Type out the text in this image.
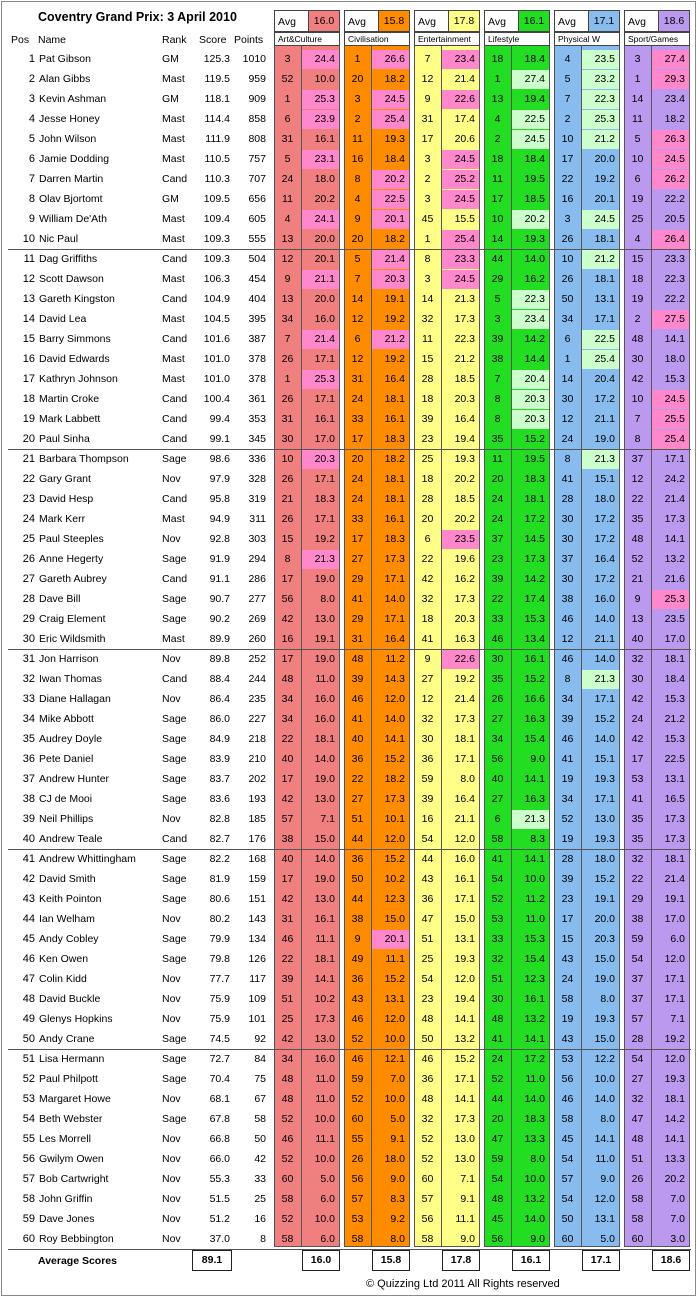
Coventry Grand Prix: 3 April 2010
Pos Name	Rank Score Points
1 Pat Gibson	GM	125.3	1010	3	24.4	1	26.6	7	23.4	18	18.4	4	23.5	3	27.4
2 Alan Gibbs	Mast	119.5	959	52	10.0	20	18.2	12	21.4	1	27.4	5	23.2	1	29.3
3 Kevin Ashman	GM	118.1	909	1	25.3	3	24.5	9	22.6	13	19.4	7	22.3	14	23.4
4 Jesse Honey	Mast	114.4	858	6	23.9	2	25.4	31	17.4	4	22.5	2	25.3	11	18.2
5 John Wilson	Mast	111.9	808	31	16.1	11	19.3	17	20.6	2	24.5	10	21.2	5	26.3
6 Jamie Dodding	Mast	110.5	757	5	23.1	16	18.4	3	24.5	18	18.4	17	20.0	10	24.5
7 Darren Martin	Cand	110.3	707	24	18.0	8	20.2	2	25.2	11	19.5	22	19.2	6	26.2
8 Olav Bjortomt	GM	109.5	656	11	20.2	4	22.5	3	24.5	17	18.5	16	20.1	19	22.2
9 William De'Ath	Mast	109.4	605	4	24.1	9	20.1	45	15.5	10	20.2	3	24.5	25	20.5
10 Nic Paul	Mast	109.3	555	13	20.0	20	18.2	1	25.4	14	19.3	26	18.1	4	26.4
11 Dag Griffiths	Cand	109.3	504	12	20.1	5	21.4	8	23.3	44	14.0	10	21.2	15	23.3
12 Scott Dawson	Mast	106.3	454	9	21.1	7	20.3	3	24.5	29	16.2	26	18.1	18	22.3
13 Gareth Kingston	Cand	104.9	404	13	20.0	14	19.1	14	21.3	5	22.3	50	13.1	19	22.2
14 David Lea	Mast	104.5	395	34	16.0	12	19.2	32	17.3	3	23.4	34	17.1	2	27.5
15 Barry Simmons	Cand	101.6	387	7	21.4	6	21.2	11	22.3	39	14.2	6	22.5	48	14.1
16 David Edwards	Mast	101.0	378	26	17.1	12	19.2	15	21.2	38	14.4	1	25.4	30	18.0
17 Kathryn Johnson	Mast	101.0	378	1	25.3	31	16.4	28	18.5	7	20.4	14	20.4	42	15.3
18 Martin Croke	Cand	100.4	361	26	17.1	24	18.1	18	20.3	8	20.3	30	17.2	10	24.5
19 Mark Labbett	Cand	99.4	353	31	16.1	33	16.1	39	16.4	8	20.3	12	21.1	7	25.5
20 Paul Sinha	Cand	99.1	345	30	17.0	17	18.3	23	19.4	35	15.2	24	19.0	8	25.4
21 Barbara Thompson	Sage	98.6	336	10	20.3	20	18.2	25	19.3	11	19.5	8	21.3	37	17.1
22 Gary Grant	Nov	97.9	328	26	17.1	24	18.1	18	20.2	20	18.3	41	15.1	12	24.2
23 David Hesp	Cand	95.8	319	21	18.3	24	18.1	28	18.5	24	18.1	28	18.0	22	21.4
24 Mark Kerr	Mast	94.9	311	26	17.1	33	16.1	20	20.2	24	17.2	30	17.2	35	17.3
25 Paul Steeples	Nov	92.8	303	15	19.2	17	18.3	6	23.5	37	14.5	30	17.2	48	14.1
26 Anne Hegerty	Sage	91.9	294	8	21.3	27	17.3	22	19.6	23	17.3	37	16.4	52	13.2
27 Gareth Aubrey	Cand	91.1	286	17	19.0	29	17.1	42	16.2	39	14.2	30	17.2	21	21.6
28 Dave Bill	Sage	90.7	277	56	8.0	41	14.0	32	17.3	22	17.4	38	16.0	9	25.3
29 Craig Element	Sage	90.2	269	42	13.0	29	17.1	18	20.3	33	15.3	46	14.0	13	23.5
30 Eric Wildsmith	Mast	89.9	260	16	19.1	31	16.4	41	16.3	46	13.4	12	21.1	40	17.0
31 Jon Harrison	Nov	89.8	252	17	19.0	48	11.2	9	22.6	30	16.1	46	14.0	32	18.1
32 Iwan Thomas	Cand	88.4	244	48	11.0	39	14.3	27	19.2	35	15.2	8	21.3	30	18.4
33 Diane Hallagan	Nov	86.4	235	34	16.0	46	12.0	12	21.4	26	16.6	34	17.1	42	15.3
34 Mike Abbott	Sage	86.0	227	34	16.0	41	14.0	32	17.3	27	16.3	39	15.2	24	21.2
35 Audrey Doyle	Sage	84.9	218	22	18.1	40	14.1	30	18.1	34	15.4	46	14.0	42	15.3
36 Pete Daniel	Sage	83.9	210	40	14.0	36	15.2	36	17.1	56	9.0	41	15.1	17	22.5
37 Andrew Hunter	Sage	83.7	202	17	19.0	22	18.2	59	8.0	40	14.1	19	19.3	53	13.1
38 CJ de Mooi	Sage	83.6	193	42	13.0	27	17.3	39	16.4	27	16.3	34	17.1	41	16.5
39 Neil Phillips	Nov	82.8	185	57	7.1	51	10.1	16	21.1	6	21.3	52	13.0	35	17.3
40 Andrew Teale	Cand	82.7	176	38	15.0	44	12.0	54	12.0	58	8.3	19	19.3	35	17.3
41 Andrew Whittingham Sage	82.2	168	40	14.0	36	15.2	44	16.0	41	14.1	28	18.0	32	18.1
42 David Smith	Sage	81.9	159	17	19.0	50	10.2	43	16.1	54	10.0	39	15.2	22	21.4
43 Keith Pointon	Sage	80.6	151	42	13.0	44	12.3	36	17.1	52	11.2	23	19.1	29	19.1
44 Ian Welham	Nov	80.2	143	31	16.1	38	15.0	47	15.0	53	11.0	17	20.0	38	17.0
45 Andy Cobley	Sage	79.9	134	46	11.1	9	20.1	51	13.1	33	15.3	15	20.3	59	6.0
46 Ken Owen	Sage	79.8	126	22	18.1	49	11.1	25	19.3	32	15.4	43	15.0	54	12.0
47 Colin Kidd	Nov	77.7	117	39	14.1	36	15.2	54	12.0	51	12.3	24	19.0	37	17.1
48 David Buckle	Nov	75.9	109	51	10.2	43	13.1	23	19.4	30	16.1	58	8.0	37	17.1
49 Glenys Hopkins	Nov	75.9	101	25	17.3	46	12.0	48	14.1	48	13.2	19	19.3	57	7.1
50 Andy Crane	Sage	74.5	92	42	13.0	52	10.0	50	13.2	41	14.1	43	15.0	28	19.2
51 Lisa Hermann	Sage	72.7	84	34	16.0	46	12.1	46	15.2	24	17.2	53	12.2	54	12.0
52 Paul Philpott	Sage	70.4	75	48	11.0	59	7.0	36	17.1	52	11.0	56	10.0	27	19.3
53 Margaret Howe	Nov	68.1	67	48	11.0	52	10.0	48	14.1	44	14.0	46	14.0	32	18.1
54 Beth Webster	Sage	67.8	58	52	10.0	60	5.0	32	17.3	20	18.3	58	8.0	47	14.2
55 Les Morrell	Nov	66.8	50	46	11.1	55	9.1	52	13.0	47	13.3	45	14.1	48	14.1
56 Gwilym Owen	Nov	66.0	42	52	10.0	26	18.0	52	13.0	59	8.0	54	11.0	51	13.3
57 Bob Cartwright	Nov	55.3	33	60	5.0	56	9.0	60	7.1	54	10.0	57	9.0	26	20.2
58 John Griffin	Nov	51.5	25	58	6.0	57	8.3	57	9.1	48	13.2	54	12.0	58	7.0
59 Dave Jones	Nov	51.2	16	52	10.0	53	9.2	56	11.1	45	14.0	50	13.1	58	7.0
60 Roy Bebbington	Nov	37.0	8	58	6.0	58	8.0	58	9.0	56	9.0	60	5.0	60	3.0
Average Scores	89.1	16.0	15.8	17.8	16.1	17.1	18.6
© Quizzing Ltd 2011 All Rights reserved
Avg	16.0
Art&Culture
Avg	15.8
Civilisation
Avg	17.8
Entertainment
Avg	16.1
Lifestyle
Avg	17.1
Physical W
Avg	18.6
Sport/Games
